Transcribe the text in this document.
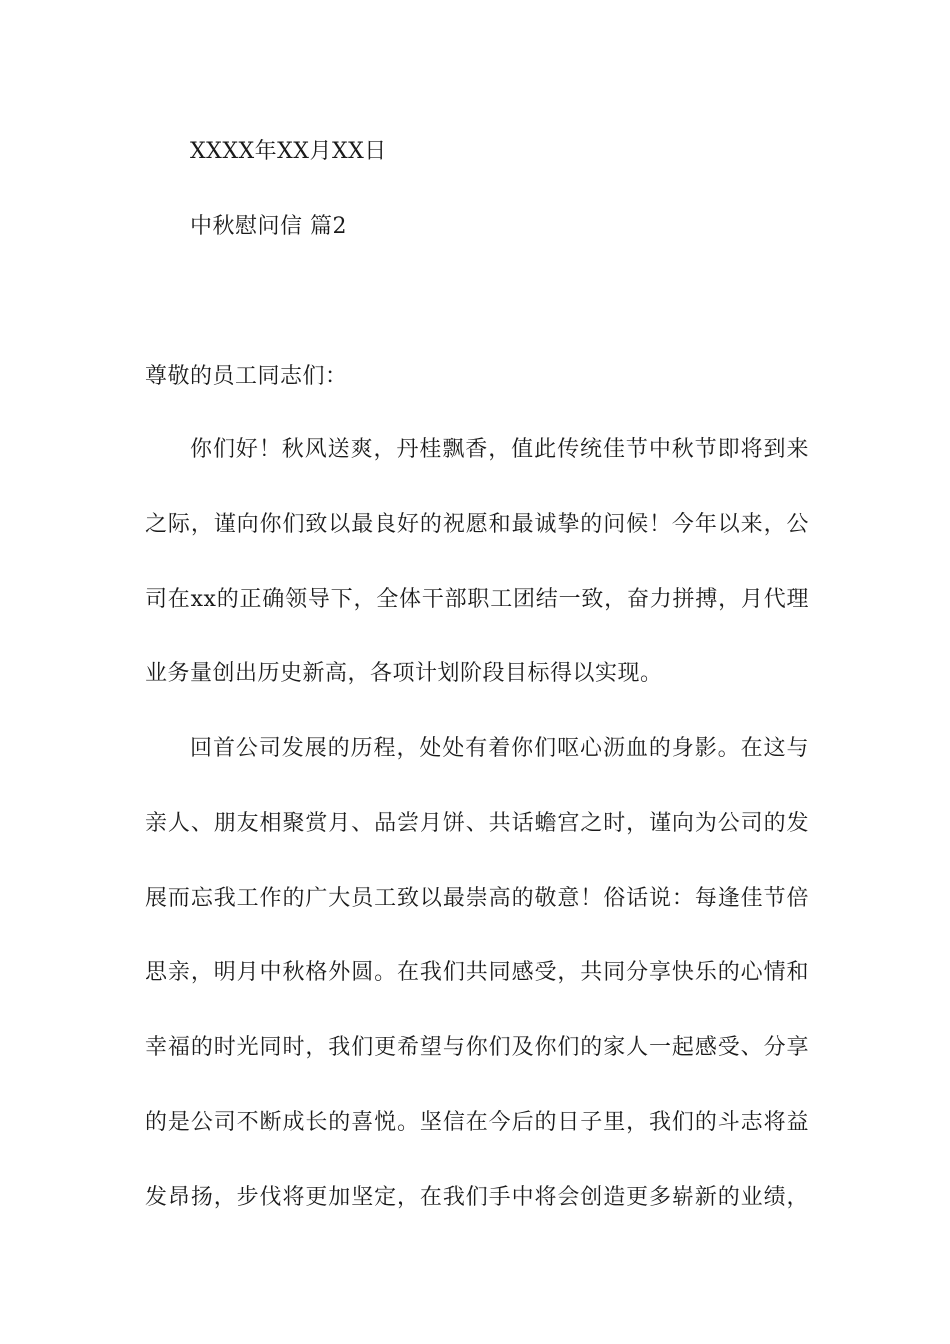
XXXX年XX月XX日
中秋慰问信 篇2
尊敬的员工同志们：
你们好！秋风送爽，丹桂飘香，值此传统佳节中秋节即将到来
之际，谨向你们致以最良好的祝愿和最诚挚的问候！今年以来，公
司在xx的正确领导下，全体干部职工团结一致，奋力拼搏，月代理
业务量创出历史新高，各项计划阶段目标得以实现。
回首公司发展的历程，处处有着你们呕心沥血的身影。在这与
亲人、朋友相聚赏月、品尝月饼、共话蟾宫之时，谨向为公司的发
展而忘我工作的广大员工致以最崇高的敬意！俗话说：每逢佳节倍
思亲，明月中秋格外圆。在我们共同感受，共同分享快乐的心情和
幸福的时光同时，我们更希望与你们及你们的家人一起感受、分享
的是公司不断成长的喜悦。坚信在今后的日子里，我们的斗志将益
发昂扬，步伐将更加坚定，在我们手中将会创造更多崭新的业绩，
